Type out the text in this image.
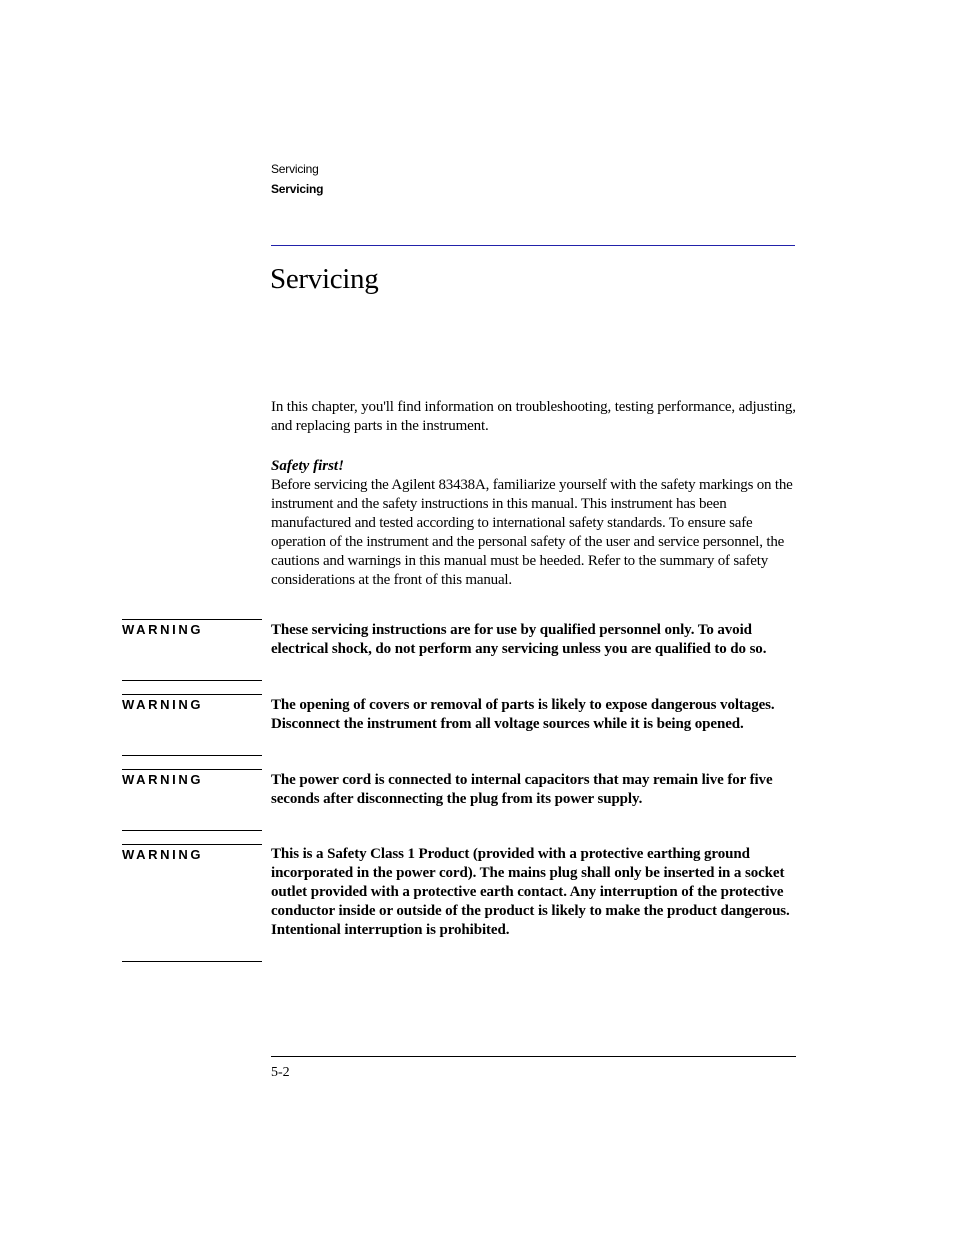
Servicing
Servicing
Servicing

In this chapter, you'll find information on troubleshooting, testing performance, adjusting, and replacing parts in the instrument.

Safety first!

Before servicing the Agilent 83438A, familiarize yourself with the safety markings on the instrument and the safety instructions in this manual. This instrument has been manufactured and tested according to international safety standards. To ensure safe operation of the instrument and the personal safety of the user and service personnel, the cautions and warnings in this manual must be heeded. Refer to the summary of safety considerations at the front of this manual.

WARNING	These servicing instructions are for use by qualified personnel only. To avoid electrical shock, do not perform any servicing unless you are qualified to do so.

WARNING	The opening of covers or removal of parts is likely to expose dangerous voltages. Disconnect the instrument from all voltage sources while it is being opened.

WARNING	The power cord is connected to internal capacitors that may remain live for five seconds after disconnecting the plug from its power supply.

WARNING	This is a Safety Class 1 Product (provided with a protective earthing ground incorporated in the power cord). The mains plug shall only be inserted in a socket outlet provided with a protective earth contact. Any interruption of the protective conductor inside or outside of the product is likely to make the product dangerous. Intentional interruption is prohibited.

5-2
